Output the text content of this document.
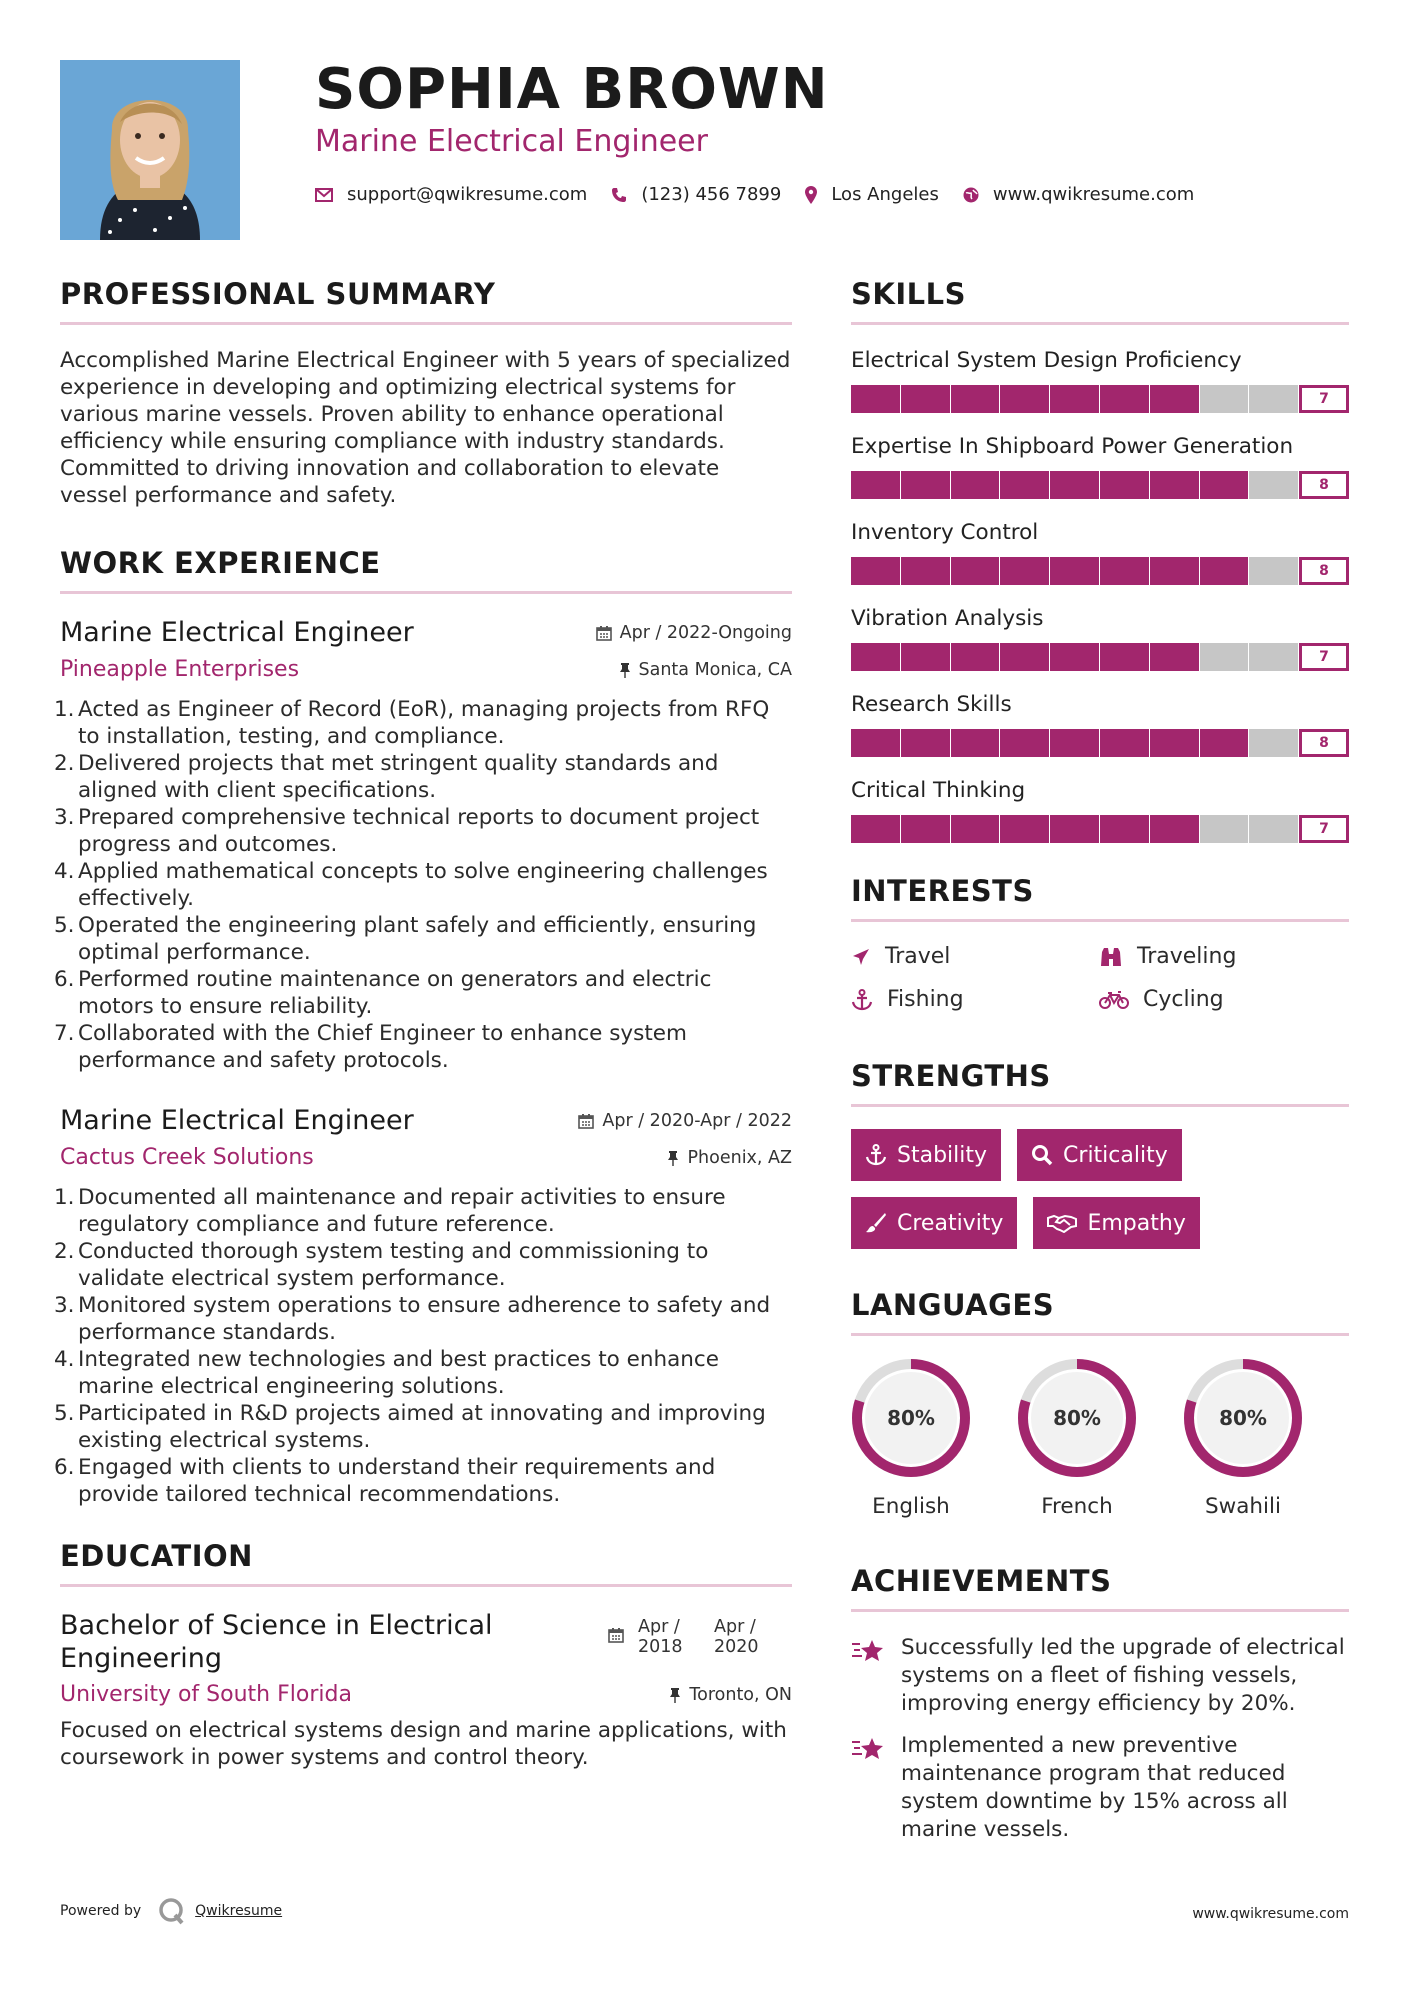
SOPHIA BROWN
Marine Electrical Engineer
support@qwikresume.com	(123) 456 7899	Los Angeles	www.qwikresume.com
PROFESSIONAL SUMMARY

Accomplished Marine Electrical Engineer with 5 years of specialized experience in developing and optimizing electrical systems for various marine vessels. Proven ability to enhance operational efficiency while ensuring compliance with industry standards. Committed to driving innovation and collaboration to elevate vessel performance and safety.

WORK EXPERIENCE
Marine Electrical Engineer	Apr / 2022-Ongoing
Pineapple Enterprises	Santa Monica, CA
1. Acted as Engineer of Record (EoR), managing projects from RFQ to installation, testing, and compliance.
2. Delivered projects that met stringent quality standards and aligned with client specifications.
3. Prepared comprehensive technical reports to document project progress and outcomes.
4. Applied mathematical concepts to solve engineering challenges effectively.
5. Operated the engineering plant safely and efficiently, ensuring optimal performance.
6. Performed routine maintenance on generators and electric motors to ensure reliability.
7. Collaborated with the Chief Engineer to enhance system performance and safety protocols.
Marine Electrical Engineer	Apr / 2020-Apr / 2022
Cactus Creek Solutions	Phoenix, AZ
1. Documented all maintenance and repair activities to ensure regulatory compliance and future reference.
2. Conducted thorough system testing and commissioning to validate electrical system performance.
3. Monitored system operations to ensure adherence to safety and performance standards.
4. Integrated new technologies and best practices to enhance marine electrical engineering solutions.
5. Participated in R&D projects aimed at innovating and improving existing electrical systems.
6. Engaged with clients to understand their requirements and provide tailored technical recommendations.
EDUCATION
Bachelor of Science in Electrical Engineering
Apr / 2018
Apr / 2020
University of South Florida	Toronto, ON

Focused on electrical systems design and marine applications, with coursework in power systems and control theory.

SKILLS
Electrical System Design Proficiency
7
Expertise In Shipboard Power Generation
8
Inventory Control
8
Vibration Analysis
7
Research Skills
8
Critical Thinking
7
INTERESTS
Travel	Traveling
Fishing	Cycling
STRENGTHS
Stability	Criticality
Creativity	Empathy
LANGUAGES
80%
English
80%
French
80%
Swahili
ACHIEVEMENTS
Successfully led the upgrade of electrical systems on a fleet of fishing vessels, improving energy efficiency by 20%.
Implemented a new preventive maintenance program that reduced system downtime by 15% across all marine vessels.
Powered by	Qwikresume	www.qwikresume.com
